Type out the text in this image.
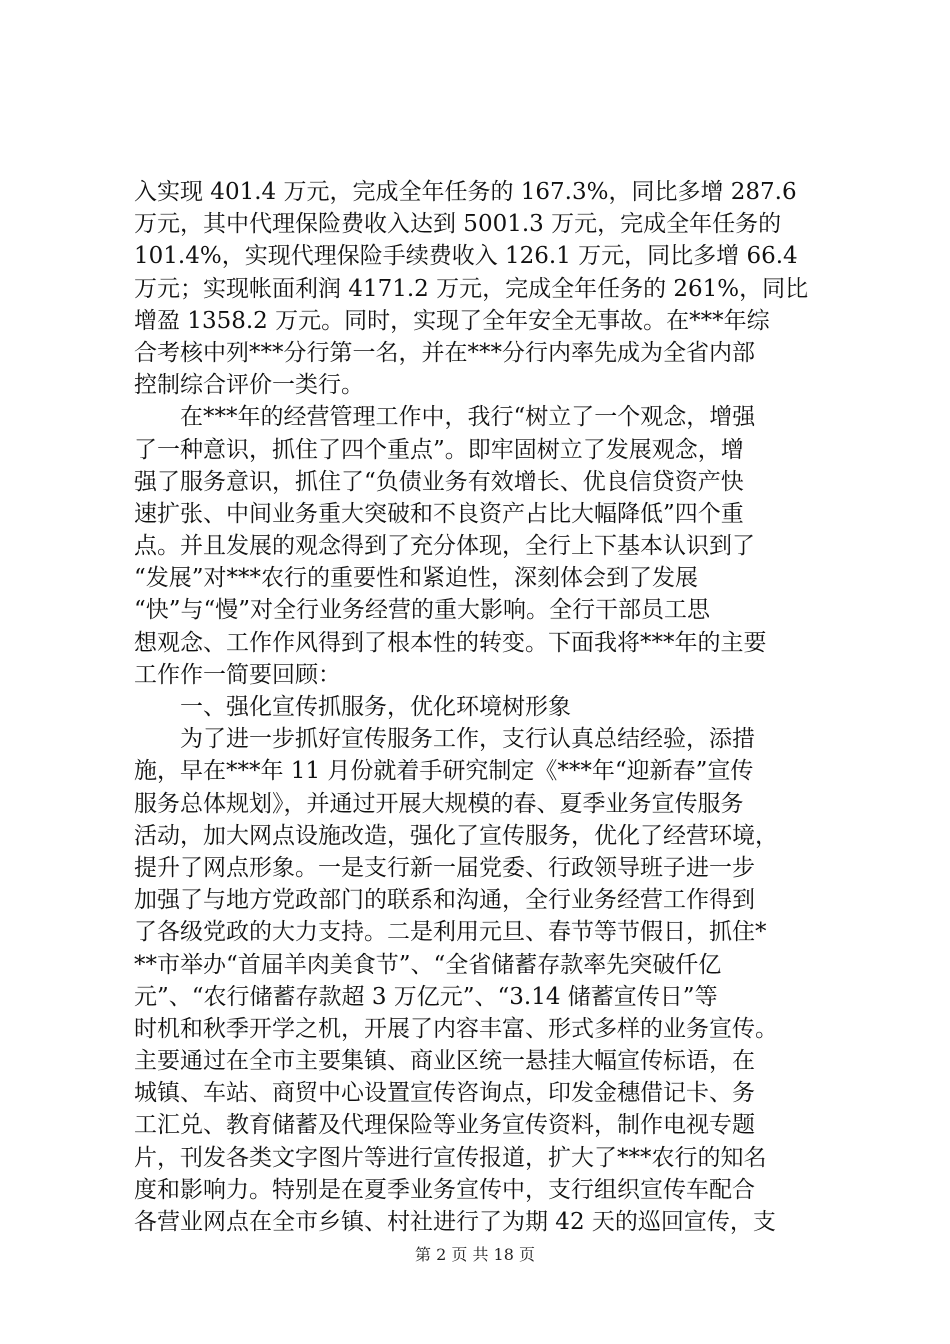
入实现 401.4 万元，完成全年任务的 167.3%，同比多增 287.6
万元，其中代理保险费收入达到 5001.3 万元，完成全年任务的
101.4%，实现代理保险手续费收入 126.1 万元，同比多增 66.4
万元；实现帐面利润 4171.2 万元，完成全年任务的 261%，同比
增盈 1358.2 万元。同时，实现了全年安全无事故。在***年综
合考核中列***分行第一名，并在***分行内率先成为全省内部
控制综合评价一类行。
　　在***年的经营管理工作中，我行“树立了一个观念，增强
了一种意识，抓住了四个重点”。即牢固树立了发展观念，增
强了服务意识，抓住了“负债业务有效增长、优良信贷资产快
速扩张、中间业务重大突破和不良资产占比大幅降低”四个重
点。并且发展的观念得到了充分体现，全行上下基本认识到了
“发展”对***农行的重要性和紧迫性，深刻体会到了发展
“快”与“慢”对全行业务经营的重大影响。全行干部员工思
想观念、工作作风得到了根本性的转变。下面我将***年的主要
工作作一简要回顾：
　　一、强化宣传抓服务，优化环境树形象
　　为了进一步抓好宣传服务工作，支行认真总结经验，添措
施，早在***年 11 月份就着手研究制定《***年“迎新春”宣传
服务总体规划》，并通过开展大规模的春、夏季业务宣传服务
活动，加大网点设施改造，强化了宣传服务，优化了经营环境，
提升了网点形象。一是支行新一届党委、行政领导班子进一步
加强了与地方党政部门的联系和沟通，全行业务经营工作得到
了各级党政的大力支持。二是利用元旦、春节等节假日，抓住*
**市举办“首届羊肉美食节”、“全省储蓄存款率先突破仟亿
元”、“农行储蓄存款超 3 万亿元”、“3.14 储蓄宣传日”等
时机和秋季开学之机，开展了内容丰富、形式多样的业务宣传。
主要通过在全市主要集镇、商业区统一悬挂大幅宣传标语，在
城镇、车站、商贸中心设置宣传咨询点，印发金穗借记卡、务
工汇兑、教育储蓄及代理保险等业务宣传资料，制作电视专题
片，刊发各类文字图片等进行宣传报道，扩大了***农行的知名
度和影响力。特别是在夏季业务宣传中，支行组织宣传车配合
各营业网点在全市乡镇、村社进行了为期 42 天的巡回宣传，支
第 2 页 共 18 页
